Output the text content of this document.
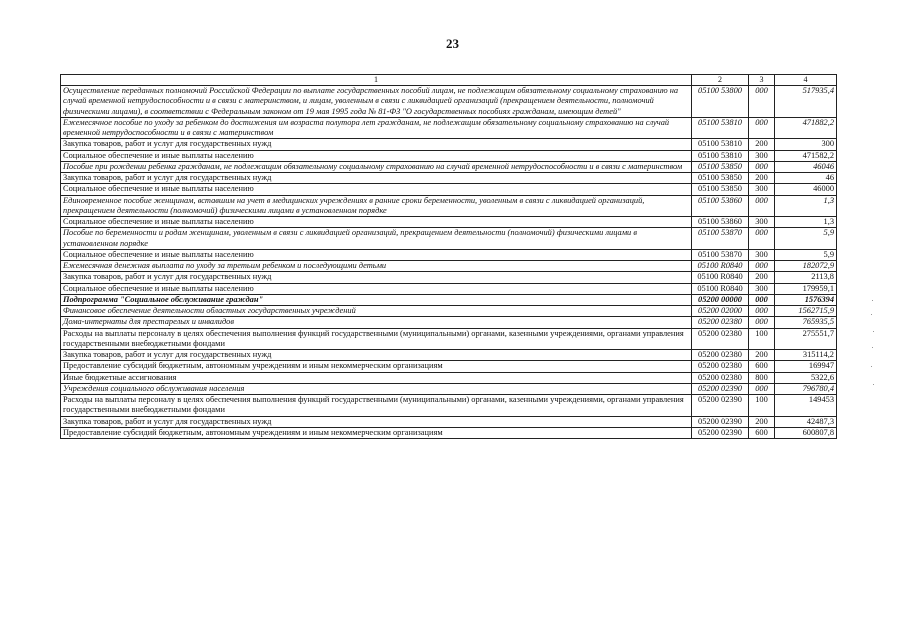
23
1	2	3	4
Осуществление переданных полномочий Российской Федерации по выплате государственных пособий лицам, не подлежащим обязательному социальному страхованию на случай временной нетрудоспособности и в связи с материнством, и лицам, уволенным в связи с ликвидацией организаций (прекращением деятельности, полномочий физическими лицами), в соответствии с Федеральным законом от 19 мая 1995 года № 81-ФЗ "О государственных пособиях гражданам, имеющим детей"	05100 53800	000	517935,4
Ежемесячное пособие по уходу за ребенком до достижения им возраста полутора лет гражданам, не подлежащим обязательному социальному страхованию на случай временной нетрудоспособности и в связи с материнством	05100 53810	000	471882,2
Закупка товаров, работ и услуг для государственных нужд	05100 53810	200	300
Социальное обеспечение и иные выплаты населению	05100 53810	300	471582,2
Пособие при рождении ребенка гражданам, не подлежащим обязательному социальному страхованию на случай временной нетрудоспособности и в связи с материнством	05100 53850	000	46046
Закупка товаров, работ и услуг для государственных нужд	05100 53850	200	46
Социальное обеспечение и иные выплаты населению	05100 53850	300	46000
Единовременное пособие женщинам, вставшим на учет в медицинских учреждениях в ранние сроки беременности, уволенным в связи с ликвидацией организаций, прекращением деятельности (полномочий) физическими лицами в установленном порядке	05100 53860	000	1,3
Социальное обеспечение и иные выплаты населению	05100 53860	300	1,3
Пособие по беременности и родам женщинам, уволенным в связи с ликвидацией организаций, прекращением деятельности (полномочий) физическими лицами в установленном порядке	05100 53870	000	5,9
Социальное обеспечение и иные выплаты населению	05100 53870	300	5,9
Ежемесячная денежная выплата по уходу за третьим ребенком и последующими детьми	05100 R0840	000	182072,9
Закупка товаров, работ и услуг для государственных нужд	05100 R0840	200	2113,8
Социальное обеспечение и иные выплаты населению	05100 R0840	300	179959,1
Подпрограмма "Социальное обслуживание граждан"	05200 00000	000	1576394
Финансовое обеспечение деятельности областных государственных учреждений	05200 02000	000	1562715,9
Дома-интернаты для престарелых и инвалидов	05200 02380	000	765935,5
Расходы на выплаты персоналу в целях обеспечения выполнения функций государственными (муниципальными) органами, казенными учреждениями, органами управления государственными внебюджетными фондами	05200 02380	100	275551,7
Закупка товаров, работ и услуг для государственных нужд	05200 02380	200	315114,2
Предоставление субсидий бюджетным, автономным учреждениям и иным некоммерческим организациям	05200 02380	600	169947
Иные бюджетные ассигнования	05200 02380	800	5322,6
Учреждения социального обслуживания населения	05200 02390	000	796780,4
Расходы на выплаты персоналу в целях обеспечения выполнения функций государственными (муниципальными) органами, казенными учреждениями, органами управления государственными внебюджетными фондами	05200 02390	100	149453
Закупка товаров, работ и услуг для государственных нужд	05200 02390	200	42487,3
Предоставление субсидий бюджетным, автономным учреждениям и иным некоммерческим организациям	05200 02390	600	600807,8
